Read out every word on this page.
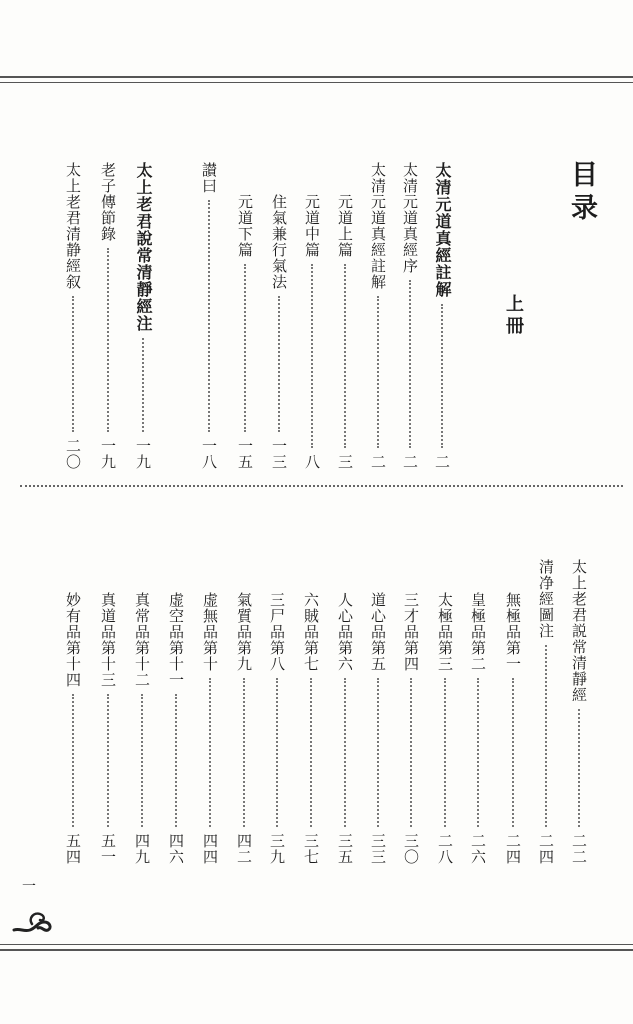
目录
上冊
太清元道真經註解
二
太清元道真經序
二
太清元道真經註解
二
元道上篇
三
元道中篇
八
住氣兼行氣法
一三
元道下篇
一五
讃曰
一八
太上老君說常清靜經注
一九
老子傳節錄
一九
太上老君清静經叙
二〇
太上老君説常清靜經
二二
清净經圖注
二四
無極品第一
二四
皇極品第二
二六
太極品第三
二八
三才品第四
三〇
道心品第五
三三
人心品第六
三五
六賊品第七
三七
三尸品第八
三九
氣質品第九
四二
虚無品第十
四四
虚空品第十一
四六
真常品第十二
四九
真道品第十三
五一
妙有品第十四
五四
一
